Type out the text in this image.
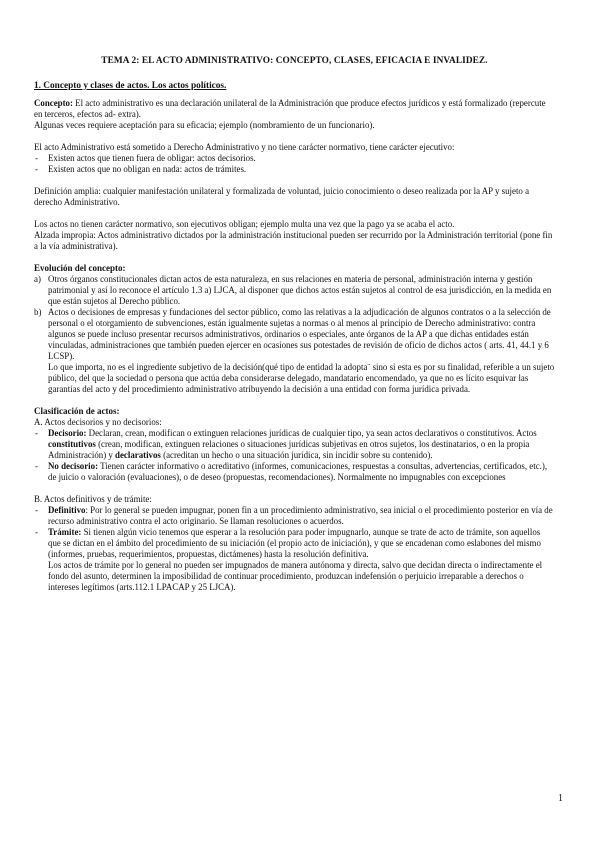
TEMA 2: EL ACTO ADMINISTRATIVO: CONCEPTO, CLASES, EFICACIA E INVALIDEZ.
1. Concepto y clases de actos. Los actos políticos.

Concepto: El acto administrativo es una declaración unilateral de la Administración que produce efectos jurídicos y está formalizado (repercute en terceros, efectos ad- extra).

Algunas veces requiere aceptación para su eficacia; ejemplo (nombramiento de un funcionario).

El acto Administrativo está sometido a Derecho Administrativo y no tiene carácter normativo, tiene carácter ejecutivo:

- Existen actos que tienen fuera de obligar: actos decisorios.
- Existen actos que no obligan en nada: actos de trámites.

Definición amplia: cualquier manifestación unilateral y formalizada de voluntad, juicio conocimiento o deseo realizada por la AP y sujeto a derecho Administrativo.

Los actos no tienen carácter normativo, son ejecutivos obligan; ejemplo multa una vez que la pago ya se acaba el acto.

Alzada impropia: Actos administrativo dictados por la administración institucional pueden ser recurrido por la Administración territorial (pone fin a la vía administrativa).

Evolución del concepto:
a) Otros órganos constitucionales dictan actos de esta naturaleza, en sus relaciones en materia de personal, administración interna y gestión patrimonial y así lo reconoce el artículo 1.3 a) LJCA, al disponer que dichos actos están sujetos al control de esa jurisdicción, en la medida en que están sujetos al Derecho público.
b) Actos o decisiones de empresas y fundaciones del sector público, como las relativas a la adjudicación de algunos contratos o a la selección de personal o el otorgamiento de subvenciones, están igualmente sujetas a normas o al menos al principio de Derecho administrativo: contra algunos se puede incluso presentar recursos administrativos, ordinarios o especiales, ante órganos de la AP a que dichas entidades están vinculadas, administraciones que también pueden ejercer en ocasiones sus potestades de revisión de oficio de dichos actos ( arts. 41, 44.1 y 6 LCSP).

Lo que importa, no es el ingrediente subjetivo de la decisión(qué tipo de entidad la adopta¨ sino si esta es por su finalidad, referible a un sujeto público, del que la sociedad o persona que actúa deba considerarse delegado, mandatario encomendado, ya que no es lícito esquivar las garantías del acto y del procedimiento administrativo atribuyendo la decisión a una entidad con forma jurídica privada.

Clasificación de actos:

A. Actos decisorios y no decisorios:

- Decisorio: Declaran, crean, modifican o extinguen relaciones jurídicas de cualquier tipo, ya sean actos declarativos o constitutivos. Actos constitutivos (crean, modifican, extinguen relaciones o situaciones jurídicas subjetivas en otros sujetos, los destinatarios, o en la propia Administración) y declarativos (acreditan un hecho o una situación jurídica, sin incidir sobre su contenido).
- No decisorio: Tienen carácter informativo o acreditativo (informes, comunicaciones, respuestas a consultas, advertencias, certificados, etc.), de juicio o valoración (evaluaciones), o de deseo (propuestas, recomendaciones). Normalmente no impugnables con excepciones

B. Actos definitivos y de trámite:

- Definitivo: Por lo general se pueden impugnar, ponen fin a un procedimiento administrativo, sea inicial o el procedimiento posterior en vía de recurso administrativo contra el acto originario. Se llaman resoluciones o acuerdos.
- Trámite: Si tienen algún vicio tenemos que esperar a la resolución para poder impugnarlo, aunque se trate de acto de trámite, son aquellos que se dictan en el ámbito del procedimiento de su iniciación (el propio acto de iniciación), y que se encadenan como eslabones del mismo (informes, pruebas, requerimientos, propuestas, dictámenes) hasta la resolución definitiva.

Los actos de trámite por lo general no pueden ser impugnados de manera autónoma y directa, salvo que decidan directa o indirectamente el fondo del asunto, determinen la imposibilidad de continuar procedimiento, produzcan indefensión o perjuicio irreparable a derechos o intereses legítimos (arts.112.1 LPACAP y 25 LJCA).

1
